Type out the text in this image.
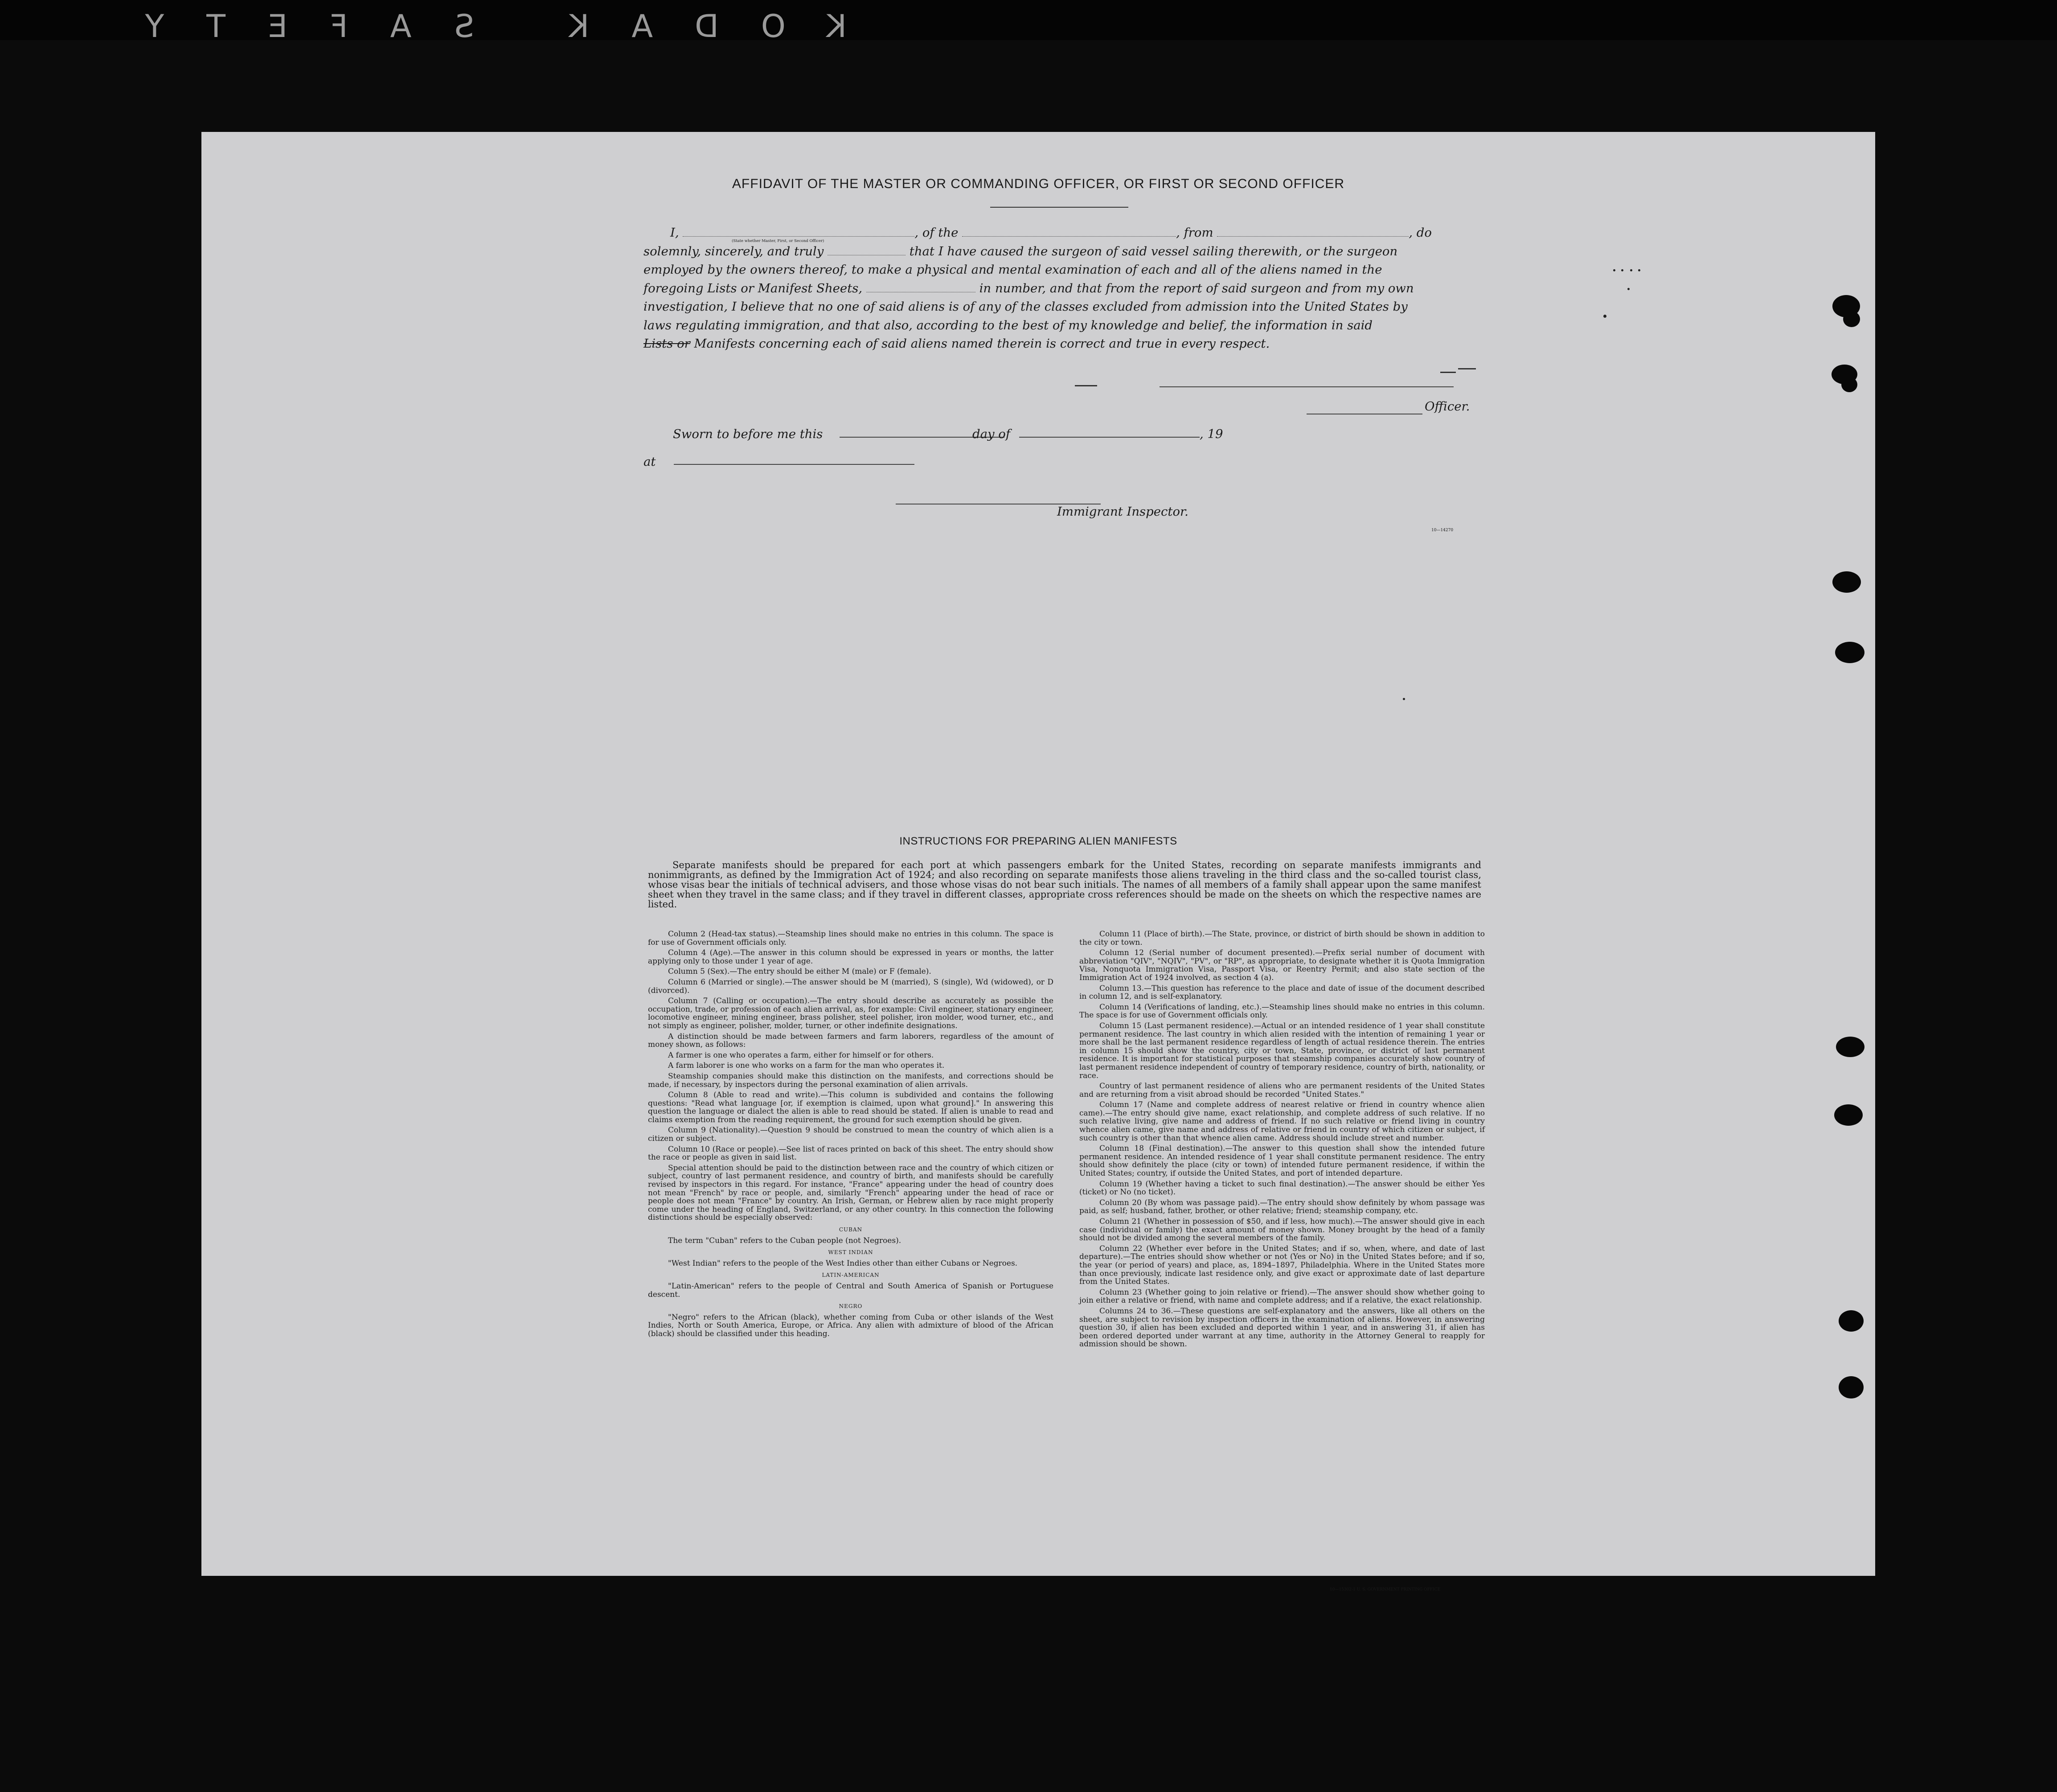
KODAK SAFETY
AFFIDAVIT OF THE MASTER OR COMMANDING OFFICER, OR FIRST OR SECOND OFFICER
(State whether Master, First, or Second Officer)
I,	, of the	, from	, do
solemnly, sincerely, and truly	that I have caused the surgeon of said vessel sailing therewith, or the surgeon
employed by the owners thereof, to make a physical and mental examination of each and all of the aliens named in the
foregoing Lists or Manifest Sheets,	in number, and that from the report of said surgeon and from my own
investigation, I believe that no one of said aliens is of any of the classes excluded from admission into the United States by
laws regulating immigration, and that also, according to the best of my knowledge and belief, the information in said
Lists or Manifests concerning each of said aliens named therein is correct and true in every respect.
Officer.
Sworn to before me this	day of	, 19
at
Immigrant Inspector.
10—14270
INSTRUCTIONS FOR PREPARING ALIEN MANIFESTS
Separate manifests should be prepared for each port at which passengers embark for the United States, recording on separate manifests immigrants and nonimmigrants, as defined by the Immigration Act of 1924; and also recording on separate manifests those aliens traveling in the third class and the so-called tourist class, whose visas bear the initials of technical advisers, and those whose visas do not bear such initials. The names of all members of a family shall appear upon the same manifest sheet when they travel in the same class; and if they travel in different classes, appropriate cross references should be made on the sheets on which the respective names are listed.

Column 2 (Head-tax status).—Steamship lines should make no entries in this column. The space is for use of Government officials only.

Column 4 (Age).—The answer in this column should be expressed in years or months, the latter applying only to those under 1 year of age.

Column 5 (Sex).—The entry should be either M (male) or F (female).

Column 6 (Married or single).—The answer should be M (married), S (single), Wd (widowed), or D (divorced).

Column 7 (Calling or occupation).—The entry should describe as accurately as possible the occupation, trade, or profession of each alien arrival, as, for example: Civil engineer, stationary engineer, locomotive engineer, mining engineer, brass polisher, steel polisher, iron molder, wood turner, etc., and not simply as engineer, polisher, molder, turner, or other indefinite designations.

A distinction should be made between farmers and farm laborers, regardless of the amount of money shown, as follows:

A farmer is one who operates a farm, either for himself or for others.

A farm laborer is one who works on a farm for the man who operates it.

Steamship companies should make this distinction on the manifests, and corrections should be made, if necessary, by inspectors during the personal examination of alien arrivals.

Column 8 (Able to read and write).—This column is subdivided and contains the following questions: "Read what language [or, if exemption is claimed, upon what ground]." In answering this question the language or dialect the alien is able to read should be stated. If alien is unable to read and claims exemption from the reading requirement, the ground for such exemption should be given.

Column 9 (Nationality).—Question 9 should be construed to mean the country of which alien is a citizen or subject.

Column 10 (Race or people).—See list of races printed on back of this sheet. The entry should show the race or people as given in said list.

Special attention should be paid to the distinction between race and the country of which citizen or subject, country of last permanent residence, and country of birth, and manifests should be carefully revised by inspectors in this regard. For instance, "France" appearing under the head of country does not mean "French" by race or people, and, similarly "French" appearing under the head of race or people does not mean "France" by country. An Irish, German, or Hebrew alien by race might properly come under the heading of England, Switzerland, or any other country. In this connection the following distinctions should be especially observed:

CUBAN

The term "Cuban" refers to the Cuban people (not Negroes).

WEST INDIAN

"West Indian" refers to the people of the West Indies other than either Cubans or Negroes.

LATIN-AMERICAN

"Latin-American" refers to the people of Central and South America of Spanish or Portuguese descent.

NEGRO

"Negro" refers to the African (black), whether coming from Cuba or other islands of the West Indies, North or South America, Europe, or Africa. Any alien with admixture of blood of the African (black) should be classified under this heading.

Column 11 (Place of birth).—The State, province, or district of birth should be shown in addition to the city or town.

Column 12 (Serial number of document presented).—Prefix serial number of document with abbreviation "QIV", "NQIV", "PV", or "RP", as appropriate, to designate whether it is Quota Immigration Visa, Nonquota Immigration Visa, Passport Visa, or Reentry Permit; and also state section of the Immigration Act of 1924 involved, as section 4 (a).

Column 13.—This question has reference to the place and date of issue of the document described in column 12, and is self-explanatory.

Column 14 (Verifications of landing, etc.).—Steamship lines should make no entries in this column. The space is for use of Government officials only.

Column 15 (Last permanent residence).—Actual or an intended residence of 1 year shall constitute permanent residence. The last country in which alien resided with the intention of remaining 1 year or more shall be the last permanent residence regardless of length of actual residence therein. The entries in column 15 should show the country, city or town, State, province, or district of last permanent residence. It is important for statistical purposes that steamship companies accurately show country of last permanent residence independent of country of temporary residence, country of birth, nationality, or race.

Country of last permanent residence of aliens who are permanent residents of the United States and are returning from a visit abroad should be recorded "United States."

Column 17 (Name and complete address of nearest relative or friend in country whence alien came).—The entry should give name, exact relationship, and complete address of such relative. If no such relative living, give name and address of friend. If no such relative or friend living in country whence alien came, give name and address of relative or friend in country of which citizen or subject, if such country is other than that whence alien came. Address should include street and number.

Column 18 (Final destination).—The answer to this question shall show the intended future permanent residence. An intended residence of 1 year shall constitute permanent residence. The entry should show definitely the place (city or town) of intended future permanent residence, if within the United States; country, if outside the United States, and port of intended departure.

Column 19 (Whether having a ticket to such final destination).—The answer should be either Yes (ticket) or No (no ticket).

Column 20 (By whom was passage paid).—The entry should show definitely by whom passage was paid, as self; husband, father, brother, or other relative; friend; steamship company, etc.

Column 21 (Whether in possession of $50, and if less, how much).—The answer should give in each case (individual or family) the exact amount of money shown. Money brought by the head of a family should not be divided among the several members of the family.

Column 22 (Whether ever before in the United States; and if so, when, where, and date of last departure).—The entries should show whether or not (Yes or No) in the United States before; and if so, the year (or period of years) and place, as, 1894–1897, Philadelphia. Where in the United States more than once previously, indicate last residence only, and give exact or approximate date of last departure from the United States.

Column 23 (Whether going to join relative or friend).—The answer should show whether going to join either a relative or friend, with name and complete address; and if a relative, the exact relationship.

Columns 24 to 36.—These questions are self-explanatory and the answers, like all others on the sheet, are subject to revision by inspection officers in the examination of aliens. However, in answering question 30, if alien has been excluded and deported within 1 year, and in answering 31, if alien has been ordered deported under warrant at any time, authority in the Attorney General to reapply for admission should be shown.

10—15302-1 U. S. GOVERNMENT PRINTING OFFICE
